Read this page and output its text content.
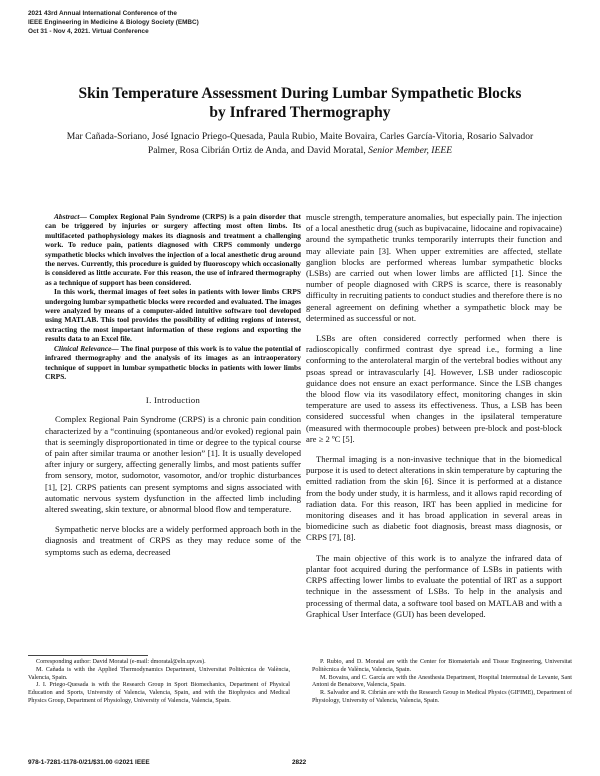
2021 43rd Annual International Conference of the
IEEE Engineering in Medicine & Biology Society (EMBC)
Oct 31 - Nov 4, 2021. Virtual Conference
Skin Temperature Assessment During Lumbar Sympathetic Blocks
by Infrared Thermography
Mar Cañada-Soriano, José Ignacio Priego-Quesada, Paula Rubio, Maite Bovaira, Carles García-Vitoria, Rosario Salvador Palmer, Rosa Cibrián Ortiz de Anda, and David Moratal, Senior Member, IEEE

Abstract— Complex Regional Pain Syndrome (CRPS) is a pain disorder that can be triggered by injuries or surgery affecting most often limbs. Its multifaceted pathophysiology makes its diagnosis and treatment a challenging work. To reduce pain, patients diagnosed with CRPS commonly undergo sympathetic blocks which involves the injection of a local anesthetic drug around the nerves. Currently, this procedure is guided by fluoroscopy which occasionally is considered as little accurate. For this reason, the use of infrared thermography as a technique of support has been considered.

In this work, thermal images of feet soles in patients with lower limbs CRPS undergoing lumbar sympathetic blocks were recorded and evaluated. The images were analyzed by means of a computer-aided intuitive software tool developed using MATLAB. This tool provides the possibility of editing regions of interest, extracting the most important information of these regions and exporting the results data to an Excel file.

Clinical Relevance— The final purpose of this work is to value the potential of infrared thermography and the analysis of its images as an intraoperatory technique of support in lumbar sympathetic blocks in patients with lower limbs CRPS.

I. Introduction

Complex Regional Pain Syndrome (CRPS) is a chronic pain condition characterized by a “continuing (spontaneous and/or evoked) regional pain that is seemingly disproportionated in time or degree to the typical course of pain after similar trauma or another lesion” [1]. It is usually developed after injury or surgery, affecting generally limbs, and most patients suffer from sensory, motor, sudomotor, vasomotor, and/or trophic disturbances [1], [2]. CRPS patients can present symptoms and signs associated with automatic nervous system dysfunction in the affected limb including altered sweating, skin texture, or abnormal blood flow and temperature.

Sympathetic nerve blocks are a widely performed approach both in the diagnosis and treatment of CRPS as they may reduce some of the symptoms such as edema, decreased

muscle strength, temperature anomalies, but especially pain. The injection of a local anesthetic drug (such as bupivacaine, lidocaine and ropivacaine) around the sympathetic trunks temporarily interrupts their function and may alleviate pain [3]. When upper extremities are affected, stellate ganglion blocks are performed whereas lumbar sympathetic blocks (LSBs) are carried out when lower limbs are afflicted [1]. Since the number of people diagnosed with CRPS is scarce, there is reasonably difficulty in recruiting patients to conduct studies and therefore there is no general agreement on defining whether a sympathetic block may be determined as successful or not.

LSBs are often considered correctly performed when there is radioscopically confirmed contrast dye spread i.e., forming a line conforming to the anterolateral margin of the vertebral bodies without any psoas spread or intravascularly [4]. However, LSB under radioscopic guidance does not ensure an exact performance. Since the LSB changes the blood flow via its vasodilatory effect, monitoring changes in skin temperature are used to assess its effectiveness. Thus, a LSB has been considered successful when changes in the ipsilateral temperature (measured with thermocouple probes) between pre-block and post-block are ≥ 2 ºC [5].

Thermal imaging is a non-invasive technique that in the biomedical purpose it is used to detect alterations in skin temperature by capturing the emitted radiation from the skin [6]. Since it is performed at a distance from the body under study, it is harmless, and it allows rapid recording of radiation data. For this reason, IRT has been applied in medicine for monitoring diseases and it has broad application in several areas in biomedicine such as diabetic foot diagnosis, breast mass diagnosis, or CRPS [7], [8].

The main objective of this work is to analyze the infrared data of plantar foot acquired during the performance of LSBs in patients with CRPS affecting lower limbs to evaluate the potential of IRT as a support technique in the assessment of LSBs. To help in the analysis and processing of thermal data, a software tool based on MATLAB and with a Graphical User Interface (GUI) has been developed.

Corresponding author: David Moratal (e-mail: dmoratal@eln.upv.es).

M. Cañada is with the Applied Thermodynamics Department, Universitat Politècnica de València, Valencia, Spain.

J. I. Priego-Quesada is with the Research Group in Sport Biomechanics, Department of Physical Education and Sports, University of Valencia, Valencia, Spain, and with the Biophysics and Medical Physics Group, Department of Physiology, University of Valencia, Valencia, Spain.

P. Rubio, and D. Moratal are with the Center for Biomaterials and Tissue Engineering, Universitat Politècnica de València, Valencia, Spain.

M. Bovaira, and C. García are with the Anesthesia Department, Hospital Intermutual de Levante, Sant Antoni de Benaixeve, Valencia, Spain.

R. Salvador and R. Cibrián are with the Research Group in Medical Physics (GIFIME), Department of Physiology, University of Valencia, Valencia, Spain.

978-1-7281-1178-0/21/$31.00 ©2021 IEEE	2822
